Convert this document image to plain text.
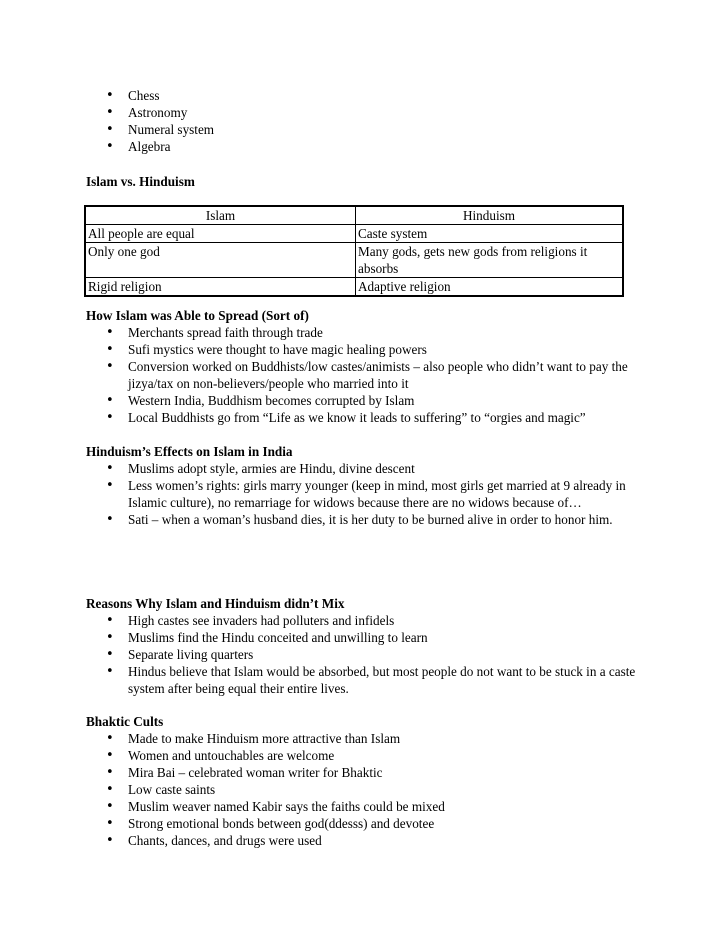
• Chess
• Astronomy
• Numeral system
• Algebra
Islam vs. Hinduism
Islam	Hinduism
All people are equal	Caste system
Only one god	Many gods, gets new gods from religions it absorbs
Rigid religion	Adaptive religion
How Islam was Able to Spread (Sort of)
• Merchants spread faith through trade
• Sufi mystics were thought to have magic healing powers
• Conversion worked on Buddhists/low castes/animists – also people who didn’t want to pay the jizya/tax on non-believers/people who married into it
• Western India, Buddhism becomes corrupted by Islam
• Local Buddhists go from “Life as we know it leads to suffering” to “orgies and magic”
Hinduism’s Effects on Islam in India
• Muslims adopt style, armies are Hindu, divine descent
• Less women’s rights: girls marry younger (keep in mind, most girls get married at 9 already in Islamic culture), no remarriage for widows because there are no widows because of…
• Sati – when a woman’s husband dies, it is her duty to be burned alive in order to honor him.
Reasons Why Islam and Hinduism didn’t Mix
• High castes see invaders had polluters and infidels
• Muslims find the Hindu conceited and unwilling to learn
• Separate living quarters
• Hindus believe that Islam would be absorbed, but most people do not want to be stuck in a caste system after being equal their entire lives.
Bhaktic Cults
• Made to make Hinduism more attractive than Islam
• Women and untouchables are welcome
• Mira Bai – celebrated woman writer for Bhaktic
• Low caste saints
• Muslim weaver named Kabir says the faiths could be mixed
• Strong emotional bonds between god(ddesss) and devotee
• Chants, dances, and drugs were used
